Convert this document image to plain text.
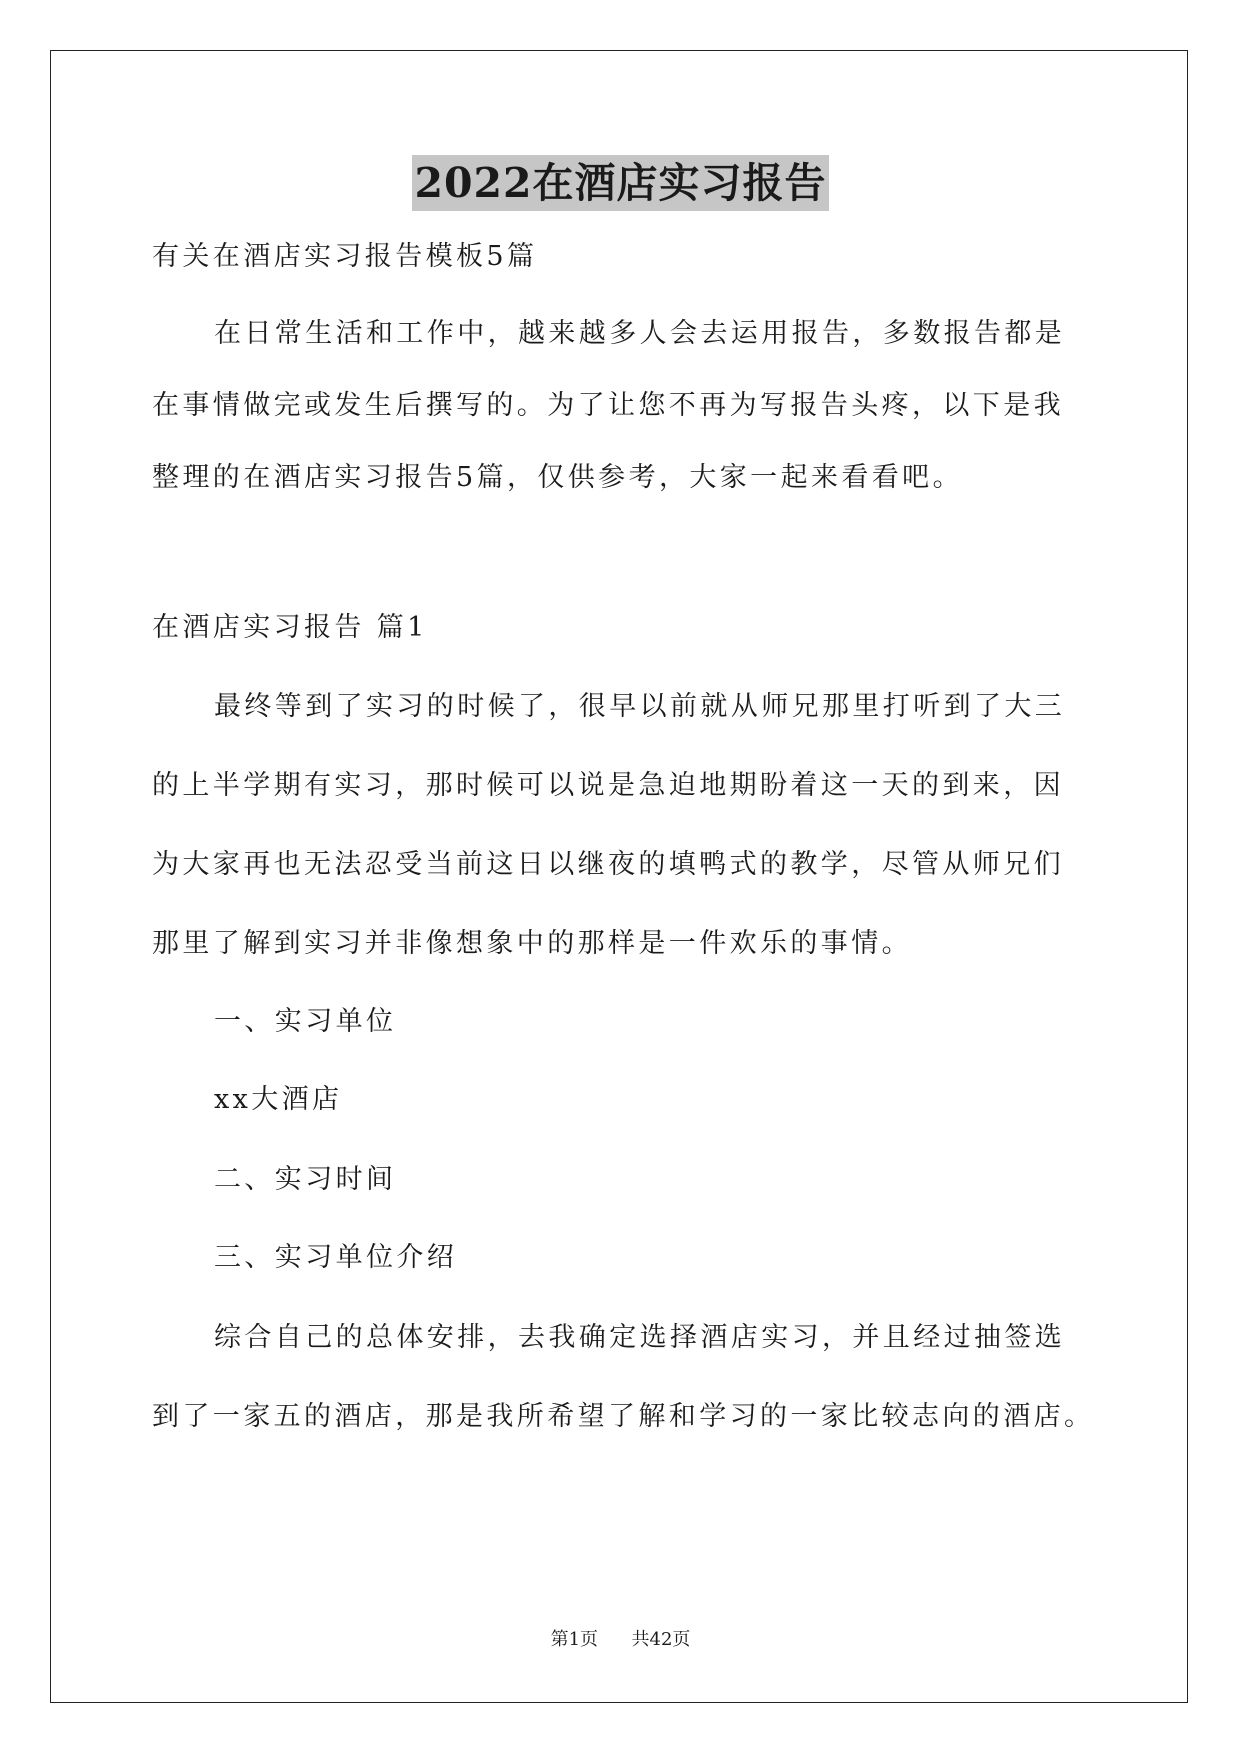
2022在酒店实习报告
有关在酒店实习报告模板5篇
在日常生活和工作中，越来越多人会去运用报告，多数报告都是
在事情做完或发生后撰写的。为了让您不再为写报告头疼，以下是我
整理的在酒店实习报告5篇，仅供参考，大家一起来看看吧。
在酒店实习报告 篇1
最终等到了实习的时候了，很早以前就从师兄那里打听到了大三
的上半学期有实习，那时候可以说是急迫地期盼着这一天的到来，因
为大家再也无法忍受当前这日以继夜的填鸭式的教学，尽管从师兄们
那里了解到实习并非像想象中的那样是一件欢乐的事情。
一、实习单位
xx大酒店
二、实习时间
三、实习单位介绍
综合自己的总体安排，去我确定选择酒店实习，并且经过抽签选
到了一家五的酒店，那是我所希望了解和学习的一家比较志向的酒店。
第1页 共42页
